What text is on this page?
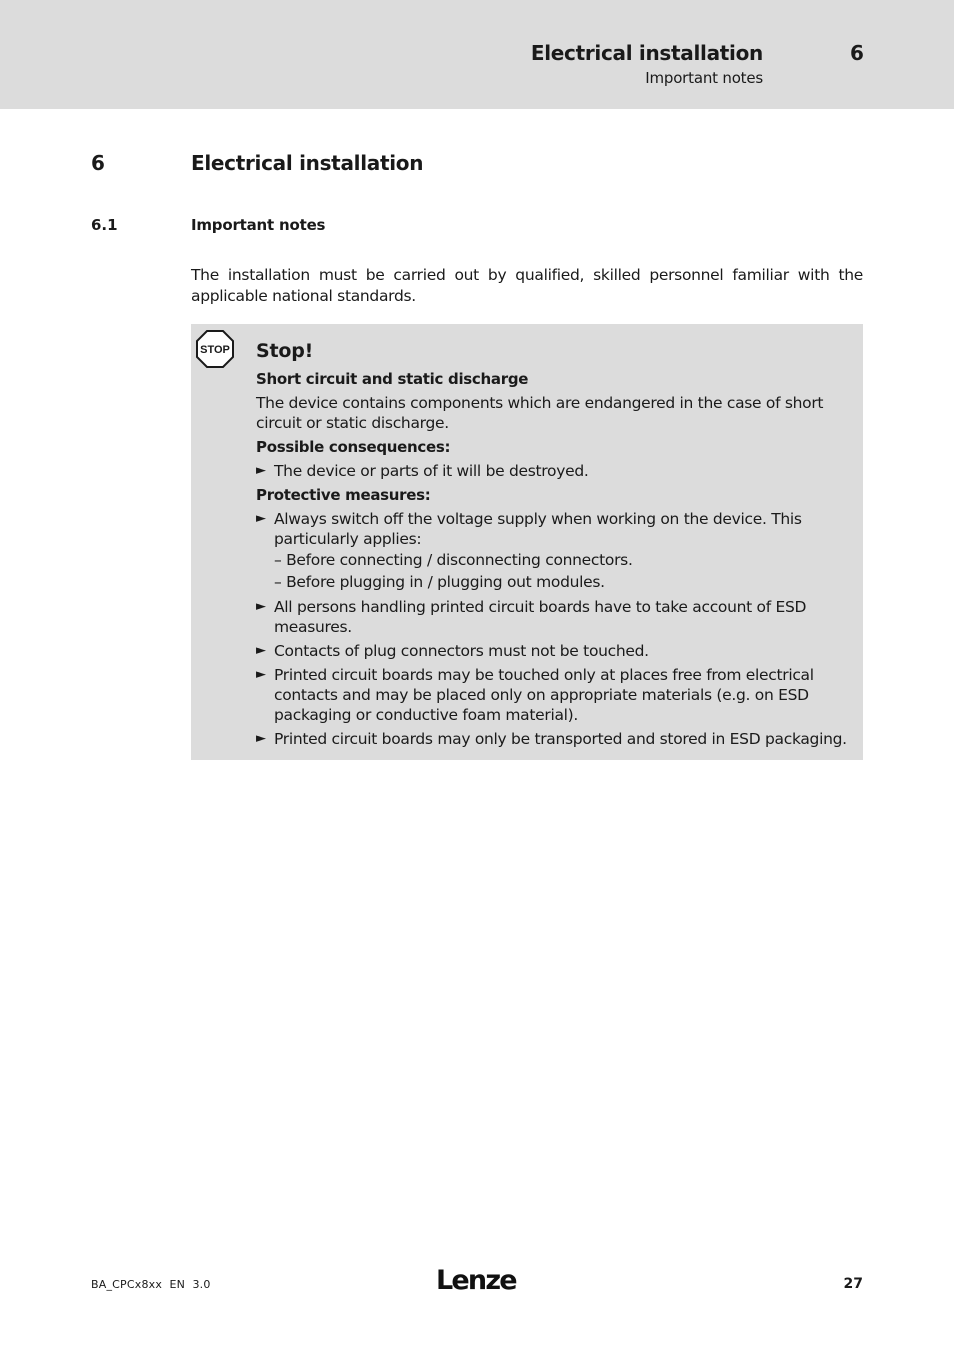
Electrical installation
Important notes
6
6	Electrical installation
6.1	Important notes

The installation must be carried out by qualified, skilled personnel familiar with the applicable national standards.

STOP Stop!
Short circuit and static discharge
The device contains components which are endangered in the case of short circuit or static discharge.
Possible consequences:
► The device or parts of it will be destroyed.
Protective measures:
► Always switch off the voltage supply when working on the device. This particularly applies:
– Before connecting / disconnecting connectors.
– Before plugging in / plugging out modules.
► All persons handling printed circuit boards have to take account of ESD measures.
► Contacts of plug connectors must not be touched.
► Printed circuit boards may be touched only at places free from electrical contacts and may be placed only on appropriate materials (e.g. on ESD packaging or conductive foam material).
► Printed circuit boards may only be transported and stored in ESD packaging.
BA_CPCx8xx  EN  3.0	Lenze	27
